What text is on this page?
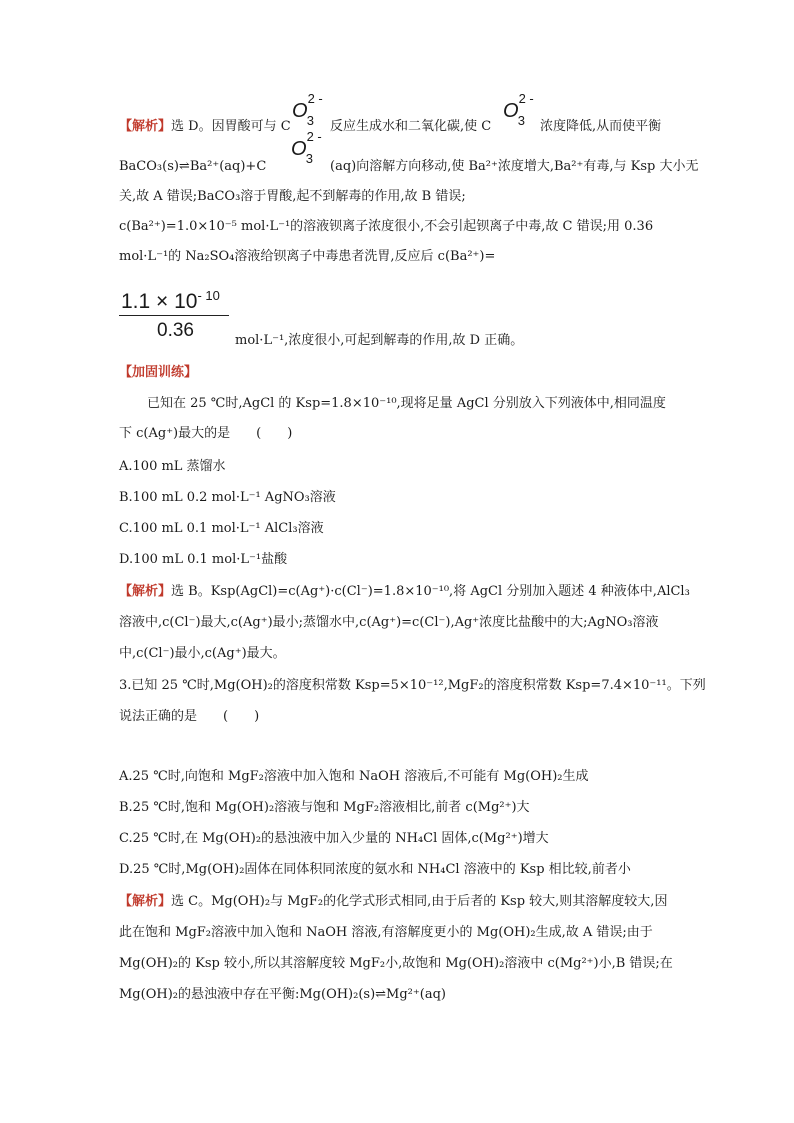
【解析】选 D。因胃酸可与 C
$O^{2 -}_3$	反应生成水和二氧化碳,使 C
$O^{2 -}_3$	浓度降低,从而使平衡
BaCO₃(s)⇌Ba²⁺(aq)+C
$O^{2 -}_3$
(aq)向溶解方向移动,使 Ba²⁺浓度增大,Ba²⁺有毒,与 Ksp 大小无
关,故 A 错误;BaCO₃溶于胃酸,起不到解毒的作用,故 B 错误;
c(Ba²⁺)=1.0×10⁻⁵ mol·L⁻¹的溶液钡离子浓度很小,不会引起钡离子中毒,故 C 错误;用 0.36
mol·L⁻¹的 Na₂SO₄溶液给钡离子中毒患者洗胃,反应后 c(Ba²⁺)=
$1.1 \times 10^{- 10}$
0.36	mol·L⁻¹,浓度很小,可起到解毒的作用,故 D 正确。
【加固训练】
已知在 25 ℃时,AgCl 的 Ksp=1.8×10⁻¹⁰,现将足量 AgCl 分别放入下列液体中,相同温度
下 c(Ag⁺)最大的是　　(　　)
A.100 mL 蒸馏水
B.100 mL 0.2 mol·L⁻¹ AgNO₃溶液
C.100 mL 0.1 mol·L⁻¹ AlCl₃溶液
D.100 mL 0.1 mol·L⁻¹盐酸
【解析】选 B。Ksp(AgCl)=c(Ag⁺)·c(Cl⁻)=1.8×10⁻¹⁰,将 AgCl 分别加入题述 4 种液体中,AlCl₃
溶液中,c(Cl⁻)最大,c(Ag⁺)最小;蒸馏水中,c(Ag⁺)=c(Cl⁻),Ag⁺浓度比盐酸中的大;AgNO₃溶液
中,c(Cl⁻)最小,c(Ag⁺)最大。
3.已知 25 ℃时,Mg(OH)₂的溶度积常数 Ksp=5×10⁻¹²,MgF₂的溶度积常数 Ksp=7.4×10⁻¹¹。下列
说法正确的是　　(　　)
A.25 ℃时,向饱和 MgF₂溶液中加入饱和 NaOH 溶液后,不可能有 Mg(OH)₂生成
B.25 ℃时,饱和 Mg(OH)₂溶液与饱和 MgF₂溶液相比,前者 c(Mg²⁺)大
C.25 ℃时,在 Mg(OH)₂的悬浊液中加入少量的 NH₄Cl 固体,c(Mg²⁺)增大
D.25 ℃时,Mg(OH)₂固体在同体积同浓度的氨水和 NH₄Cl 溶液中的 Ksp 相比较,前者小
【解析】选 C。Mg(OH)₂与 MgF₂的化学式形式相同,由于后者的 Ksp 较大,则其溶解度较大,因
此在饱和 MgF₂溶液中加入饱和 NaOH 溶液,有溶解度更小的 Mg(OH)₂生成,故 A 错误;由于
Mg(OH)₂的 Ksp 较小,所以其溶解度较 MgF₂小,故饱和 Mg(OH)₂溶液中 c(Mg²⁺)小,B 错误;在
Mg(OH)₂的悬浊液中存在平衡:Mg(OH)₂(s)⇌Mg²⁺(aq)
